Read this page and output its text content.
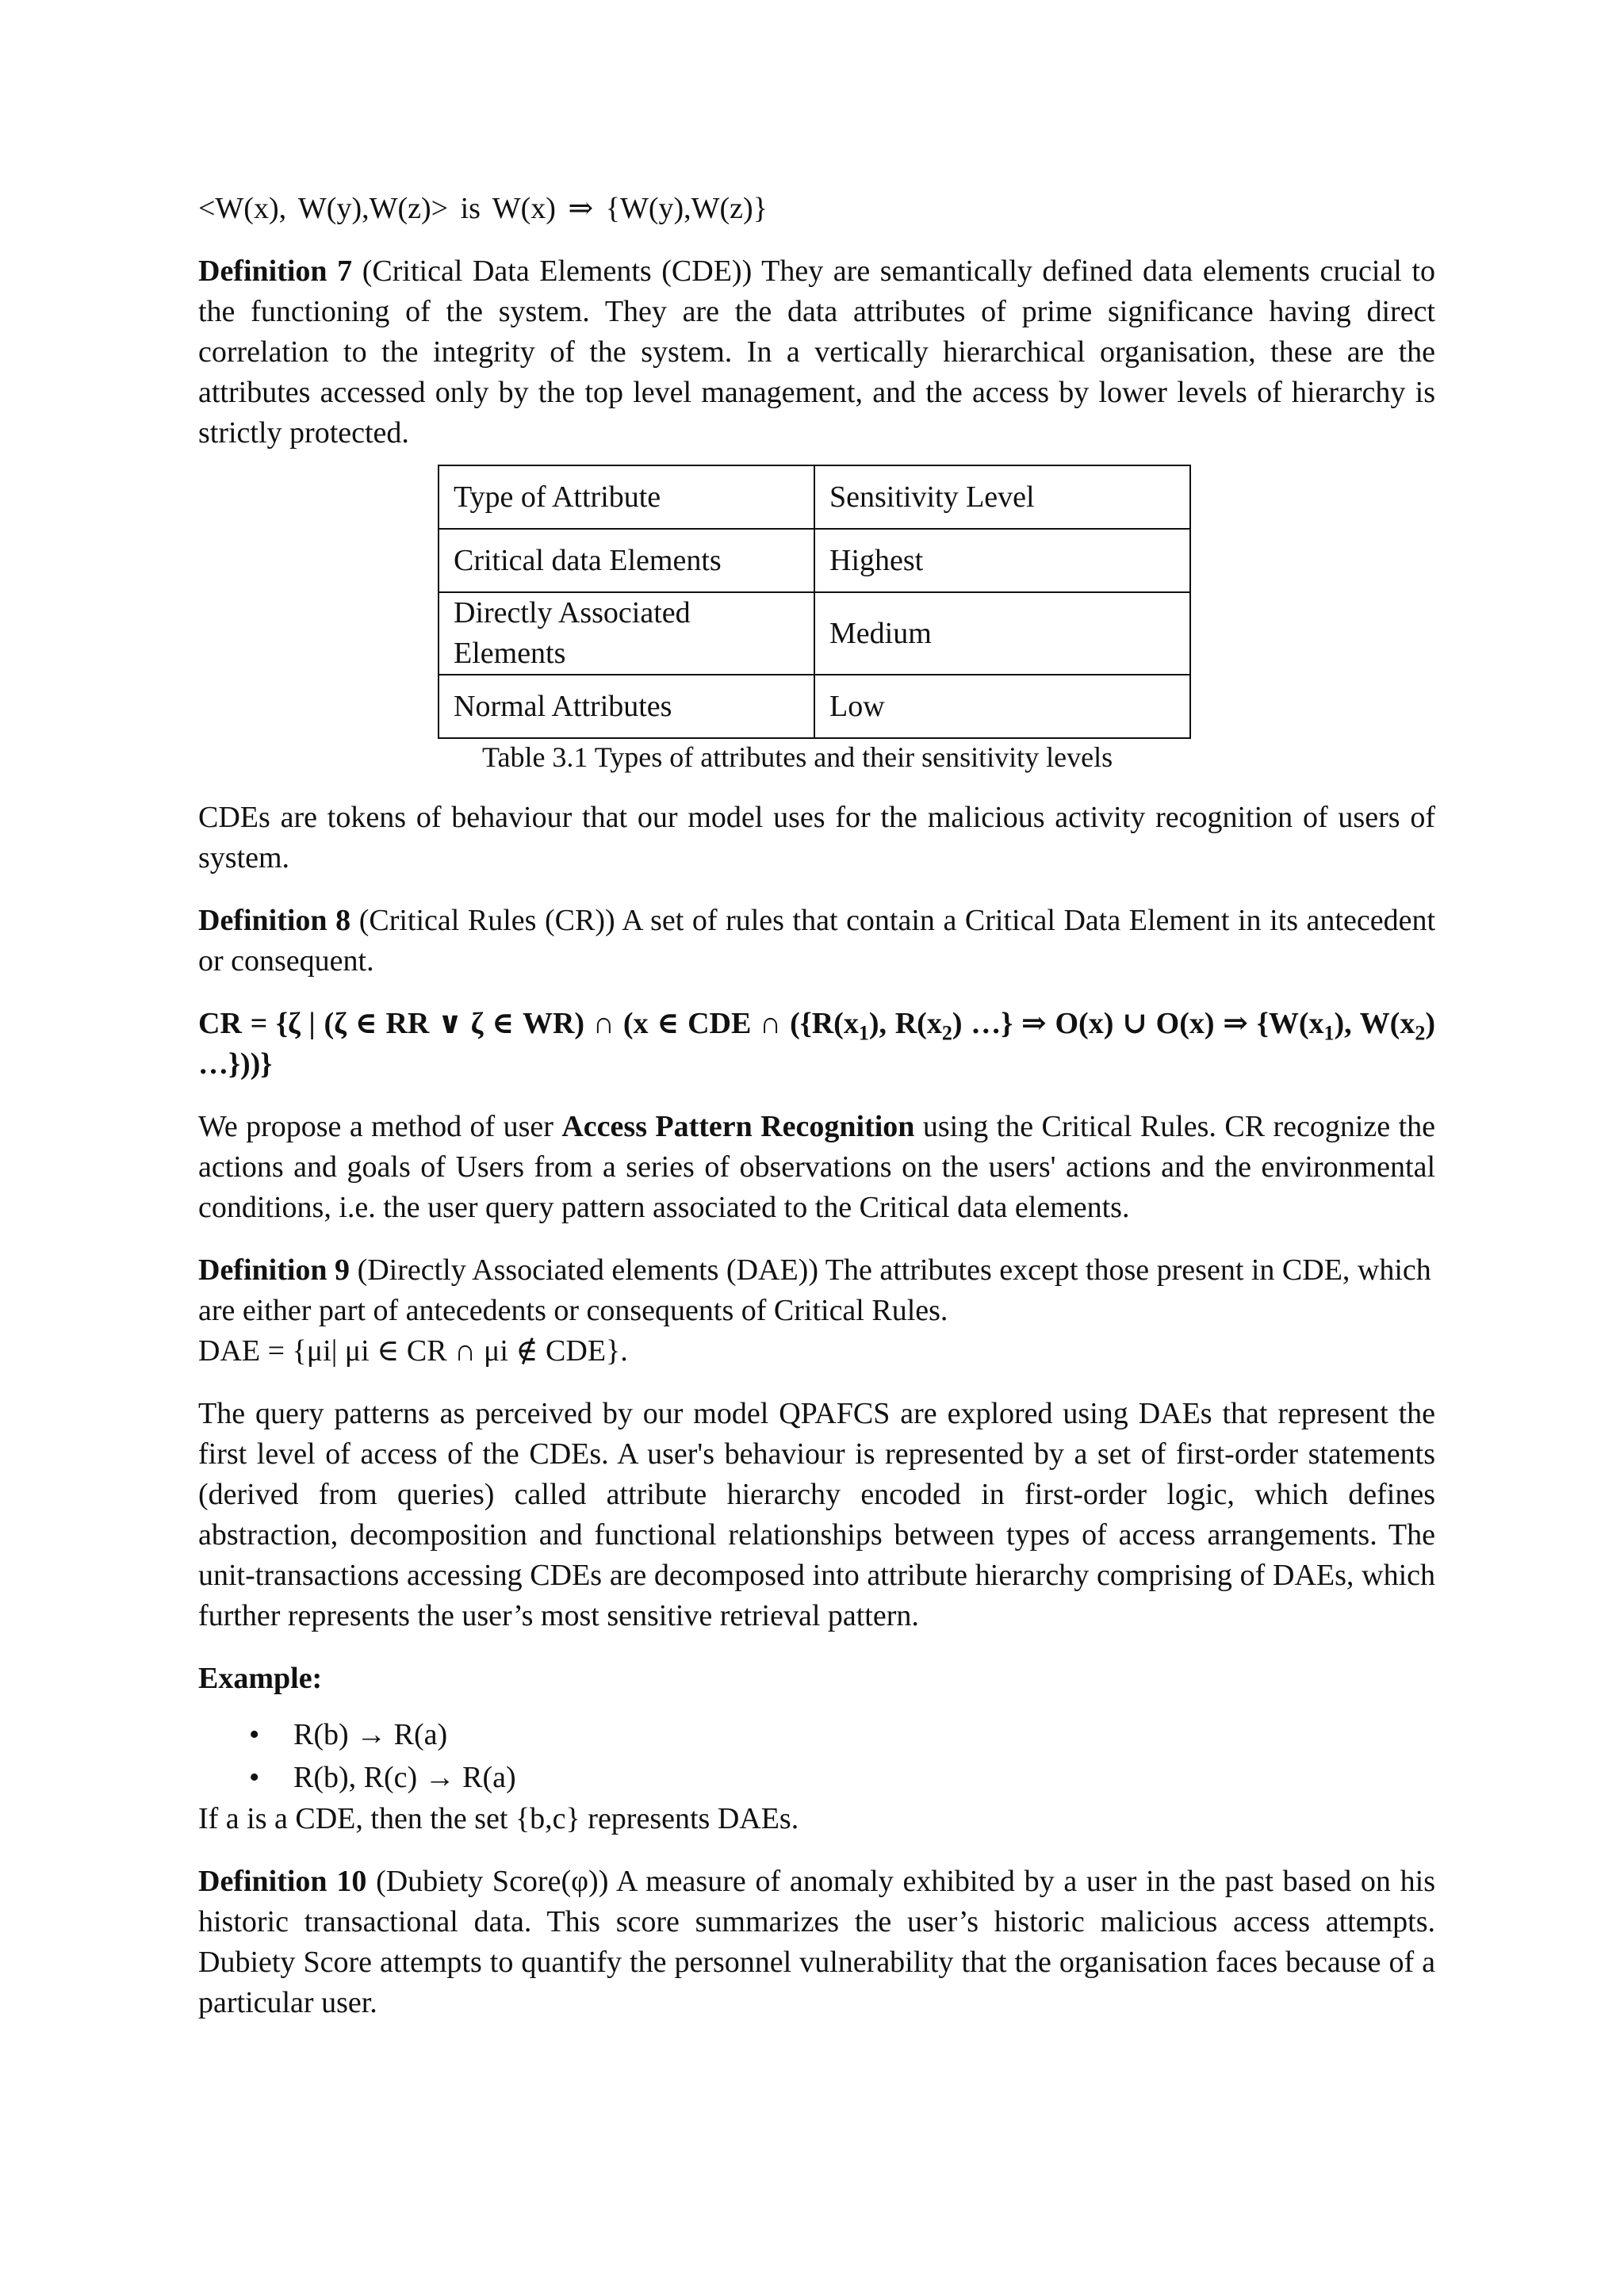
<W(x), W(y),W(z)> is W(x) ⇒ {W(y),W(z)}

Definition 7 (Critical Data Elements (CDE)) They are semantically defined data elements crucial to the functioning of the system. They are the data attributes of prime significance having direct correlation to the integrity of the system. In a vertically hierarchical organisation, these are the attributes accessed only by the top level management, and the access by lower levels of hierarchy is strictly protected.

Type of Attribute	Sensitivity Level
Critical data Elements	Highest
Directly Associated Elements	Medium
Normal Attributes	Low

Table 3.1 Types of attributes and their sensitivity levels

CDEs are tokens of behaviour that our model uses for the malicious activity recognition of users of system.

Definition 8 (Critical Rules (CR)) A set of rules that contain a Critical Data Element in its antecedent or consequent.

CR = {ζ | (ζ ∈ RR ∨ ζ ∈ WR) ∩ (x ∈ CDE ∩ ({$R(x_1)$, $R(x_2)$ …} ⇒ O(x) ∪ O(x) ⇒ {$W(x_1)$, $W(x_2)$ …}))}

We propose a method of user Access Pattern Recognition using the Critical Rules. CR recognize the actions and goals of Users from a series of observations on the users' actions and the environmental conditions, i.e. the user query pattern associated to the Critical data elements.

Definition 9 (Directly Associated elements (DAE)) The attributes except those present in CDE, which are either part of antecedents or consequents of Critical Rules.
DAE = {μi| μi ∈ CR ∩ μi ∉ CDE}.

The query patterns as perceived by our model QPAFCS are explored using DAEs that represent the first level of access of the CDEs. A user's behaviour is represented by a set of first-order statements (derived from queries) called attribute hierarchy encoded in first-order logic, which defines abstraction, decomposition and functional relationships between types of access arrangements. The unit-transactions accessing CDEs are decomposed into attribute hierarchy comprising of DAEs, which further represents the user’s most sensitive retrieval pattern.

Example:

• R(b) → R(a)
• R(b), R(c) → R(a)

If a is a CDE, then the set {b,c} represents DAEs.

Definition 10 (Dubiety Score(φ)) A measure of anomaly exhibited by a user in the past based on his historic transactional data. This score summarizes the user’s historic malicious access attempts. Dubiety Score attempts to quantify the personnel vulnerability that the organisation faces because of a particular user.
